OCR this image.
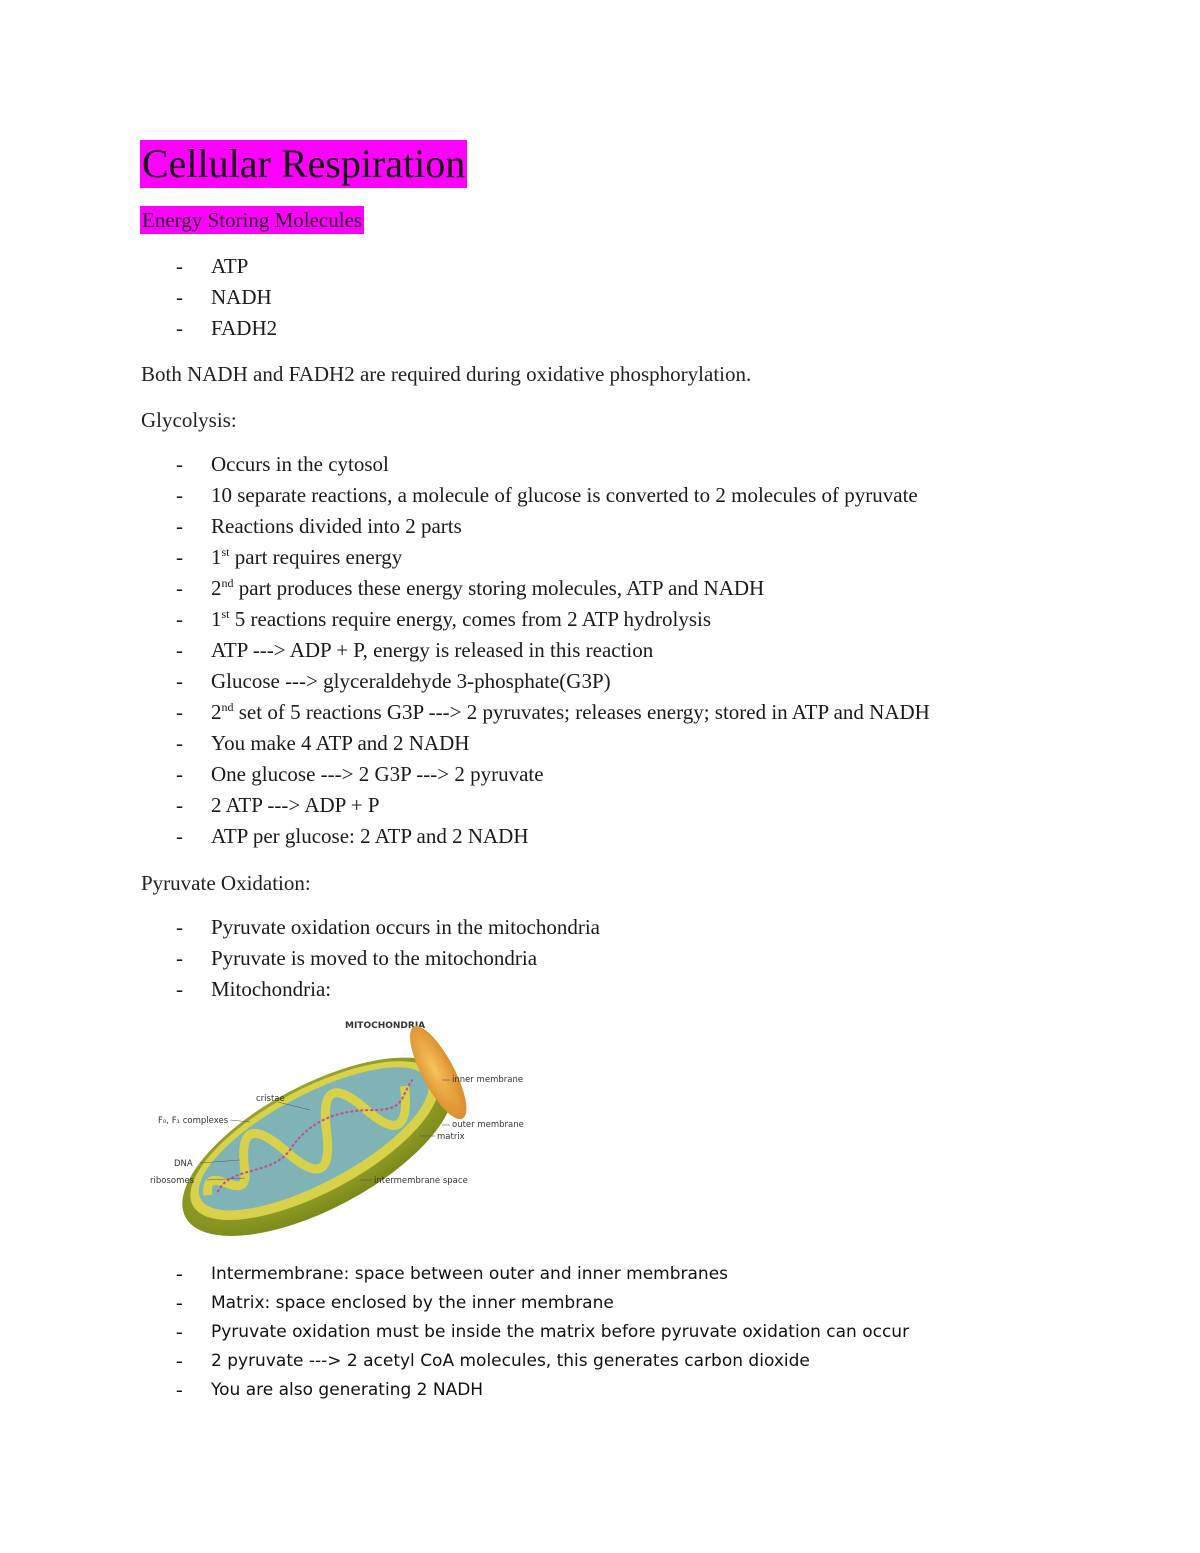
Cellular Respiration
Energy Storing Molecules
- ATP
- NADH
- FADH2
Both NADH and FADH2 are required during oxidative phosphorylation.
Glycolysis:
- Occurs in the cytosol
- 10 separate reactions, a molecule of glucose is converted to 2 molecules of pyruvate
- Reactions divided into 2 parts
- 1st part requires energy
- 2nd part produces these energy storing molecules, ATP and NADH
- 1st 5 reactions require energy, comes from 2 ATP hydrolysis
- ATP ---> ADP + P, energy is released in this reaction
- Glucose ---> glyceraldehyde 3-phosphate(G3P)
- 2nd set of 5 reactions G3P ---> 2 pyruvates; releases energy; stored in ATP and NADH
- You make 4 ATP and 2 NADH
- One glucose ---> 2 G3P ---> 2 pyruvate
- 2 ATP ---> ADP + P
- ATP per glucose: 2 ATP and 2 NADH
Pyruvate Oxidation:
- Pyruvate oxidation occurs in the mitochondria
- Pyruvate is moved to the mitochondria
- Mitochondria:
MITOCHONDRIA
inner membrane
cristae
F₀, F₁ complexes	outer membrane
matrix
DNA
ribosomes	intermembrane space
- Intermembrane: space between outer and inner membranes
- Matrix: space enclosed by the inner membrane
- Pyruvate oxidation must be inside the matrix before pyruvate oxidation can occur
- 2 pyruvate ---> 2 acetyl CoA molecules, this generates carbon dioxide
- You are also generating 2 NADH
